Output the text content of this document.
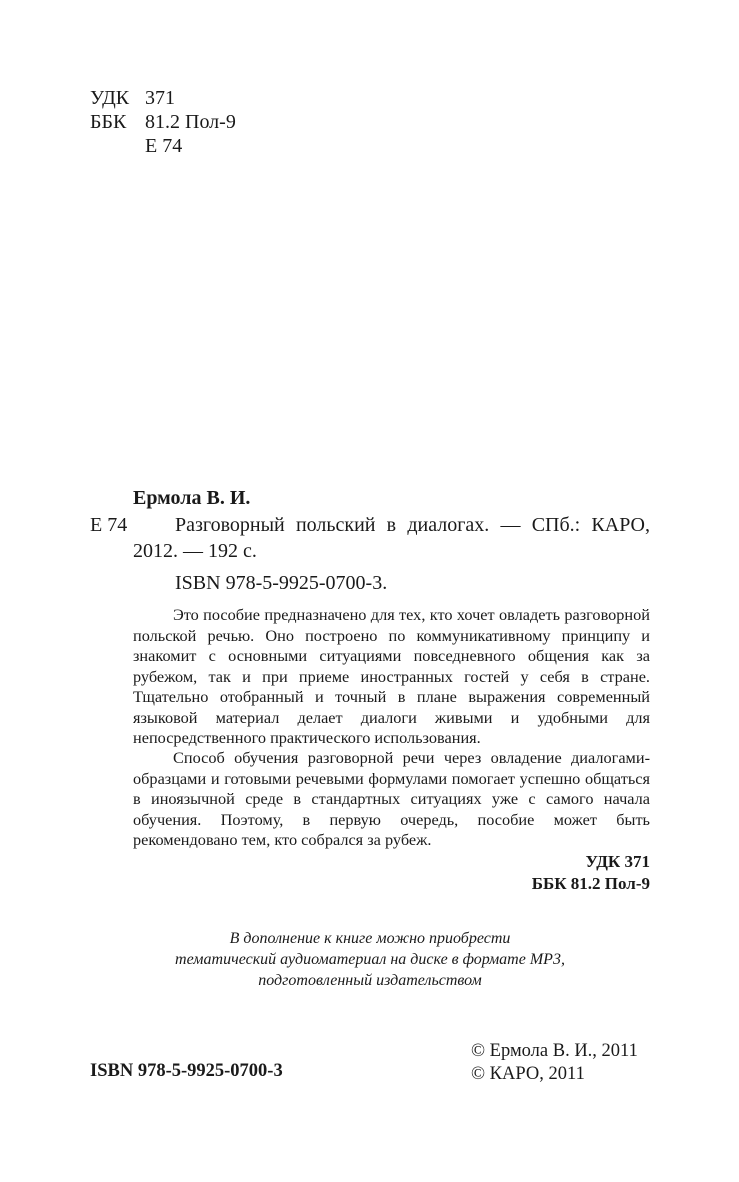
УДК 371
ББК 81.2 Пол-9
Е 74
Ермола В. И.
Е 74 Разговорный польский в диалогах. — СПб.: КАРО,
2012. — 192 с.
ISBN 978-5-9925-0700-3.

Это пособие предназначено для тех, кто хочет овладеть разговорной польской речью. Оно построено по коммуникативному принципу и знакомит с основными ситуациями повседневного общения как за рубежом, так и при приеме иностранных гостей у себя в стране. Тщательно отобранный и точный в плане выражения современный языковой материал делает диалоги живыми и удобными для непосредственного практического использования.

Способ обучения разговорной речи через овладение диалогами-образцами и готовыми речевыми формулами помогает успешно общаться в иноязычной среде в стандартных ситуациях уже с самого начала обучения. Поэтому, в первую очередь, пособие может быть рекомендовано тем, кто собрался за рубеж.

УДК 371
ББК 81.2 Пол-9
В дополнение к книге можно приобрести
тематический аудиоматериал на диске в формате MP3,
подготовленный издательством
ISBN 978-5-9925-0700-3
© Ермола В. И., 2011
© КАРО, 2011
